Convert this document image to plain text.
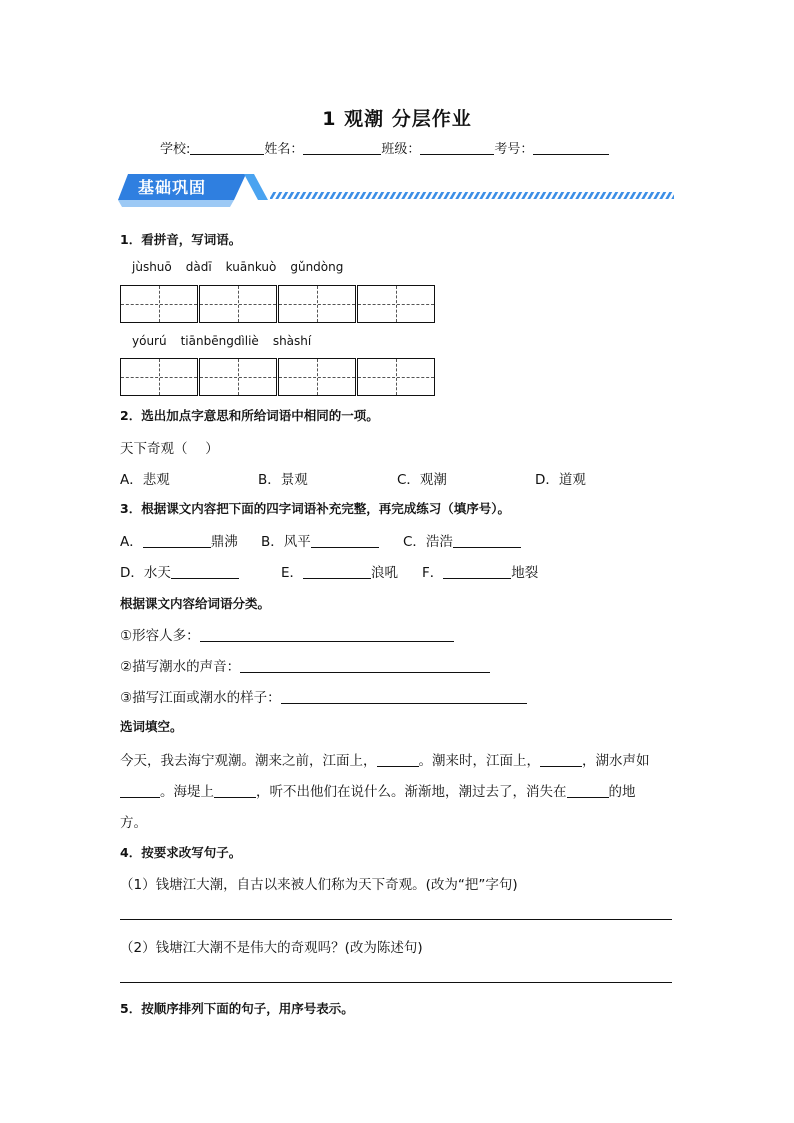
1 观潮 分层作业
学校:	姓名：	班级：	考号：
基础巩固
1．看拼音，写词语。
jùshuō dàdī kuānkuò gǔndòng
yóurú tiānbēngdìliè shàshí
2．选出加点字意思和所给词语中相同的一项。
天下奇观（　 ）
A．悲观	B．景观	C．观潮	D．道观
3．根据课文内容把下面的四字词语补充完整，再完成练习（填序号）。
A．	鼎沸 B．风平	C．浩浩
D．水天	E．	浪吼 F．	地裂
根据课文内容给词语分类。
①形容人多：
②描写潮水的声音：
③描写江面或潮水的样子：
选词填空。
今天，我去海宁观潮。潮来之前，江面上，	。潮来时，江面上，	，湖水声如
。海堤上	，听不出他们在说什么。渐渐地，潮过去了，消失在	的地
方。
4．按要求改写句子。
（1）钱塘江大潮，自古以来被人们称为天下奇观。(改为“把”字句)
（2）钱塘江大潮不是伟大的奇观吗？(改为陈述句)
5．按顺序排列下面的句子，用序号表示。
